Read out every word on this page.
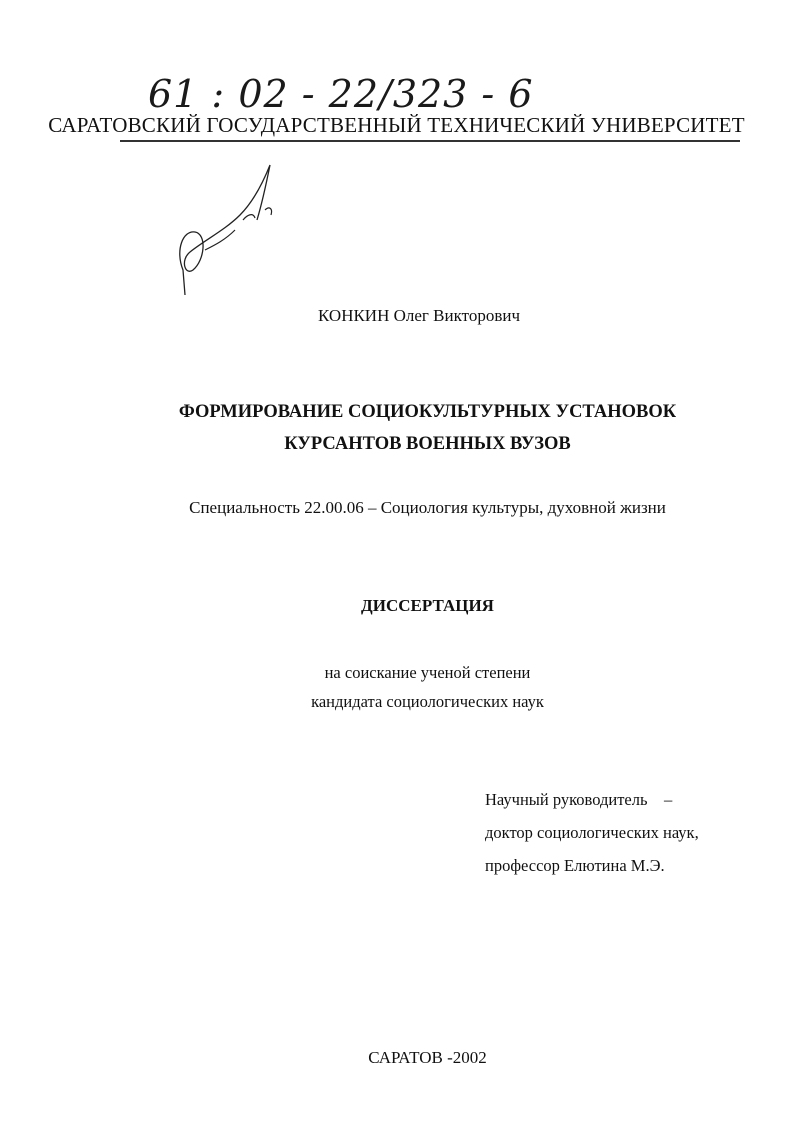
61 : 02 - 22/323 - 6
САРАТОВСКИЙ ГОСУДАРСТВЕННЫЙ ТЕХНИЧЕСКИЙ УНИВЕРСИТЕТ
КОНКИН Олег Викторович
ФОРМИРОВАНИЕ СОЦИОКУЛЬТУРНЫХ УСТАНОВОК
КУРСАНТОВ ВОЕННЫХ ВУЗОВ
Специальность 22.00.06 – Социология культуры, духовной жизни
ДИССЕРТАЦИЯ
на соискание ученой степени
кандидата социологических наук
Научный руководитель    –
доктор социологических наук,
профессор Елютина М.Э.
САРАТОВ -2002
